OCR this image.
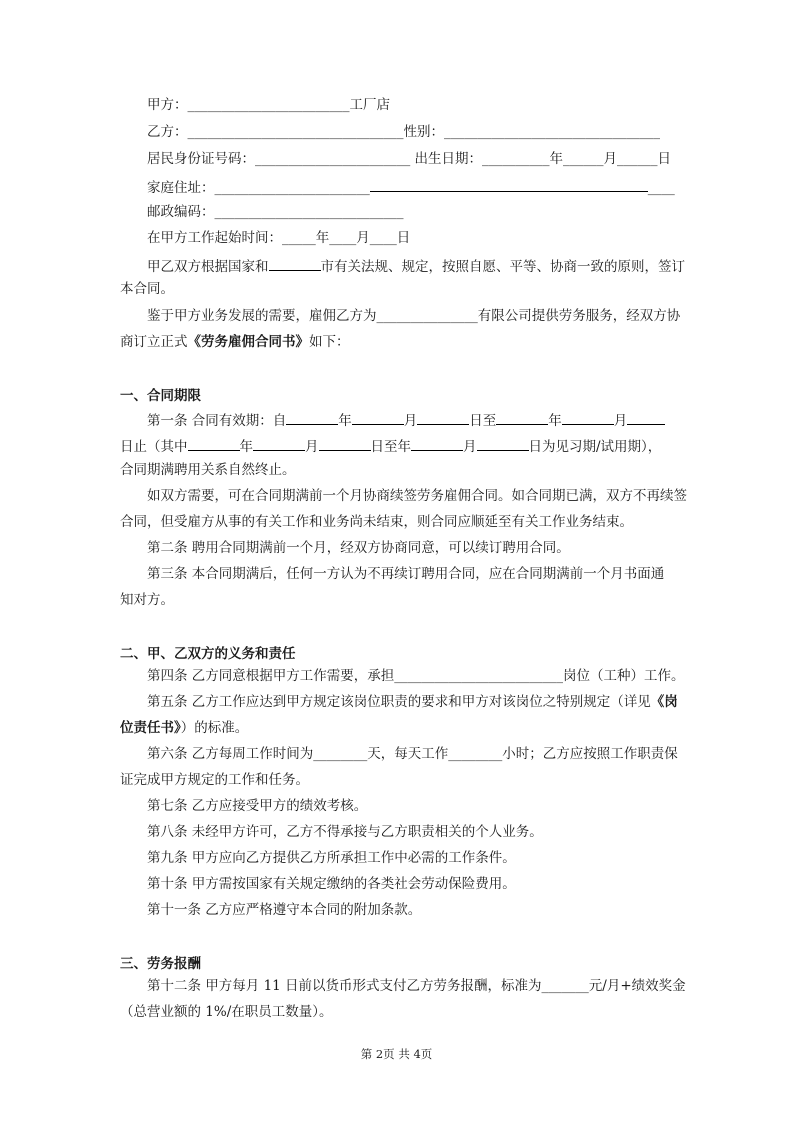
甲方：________________________工厂店
乙方：________________________________性别：________________________________
居民身份证号码：_______________________ 出生日期：__________年______月______日
家庭住址：_______________________	____
邮政编码：____________________________
在甲方工作起始时间：_____年____月____日
甲乙双方根据国家和	市有关法规、规定，按照自愿、平等、协商一致的原则，签订
本合同。
鉴于甲方业务发展的需要，雇佣乙方为_______________有限公司提供劳务服务，经双方协
商订立正式《劳务雇佣合同书》如下：
一、合同期限
第一条 合同有效期：自	年	月	日至	年	月
日止（其中	年	月	日至年	月	日为见习期/试用期），
合同期满聘用关系自然终止。
如双方需要，可在合同期满前一个月协商续签劳务雇佣合同。如合同期已满，双方不再续签
合同，但受雇方从事的有关工作和业务尚未结束，则合同应顺延至有关工作业务结束。
第二条 聘用合同期满前一个月，经双方协商同意，可以续订聘用合同。
第三条 本合同期满后，任何一方认为不再续订聘用合同，应在合同期满前一个月书面通
知对方。
二、甲、乙双方的义务和责任
第四条 乙方同意根据甲方工作需要，承担_________________________岗位（工种）工作。
第五条 乙方工作应达到甲方规定该岗位职责的要求和甲方对该岗位之特别规定（详见《岗
位责任书》）的标准。
第六条 乙方每周工作时间为________天，每天工作________小时；乙方应按照工作职责保
证完成甲方规定的工作和任务。
第七条 乙方应接受甲方的绩效考核。
第八条 未经甲方许可，乙方不得承接与乙方职责相关的个人业务。
第九条 甲方应向乙方提供乙方所承担工作中必需的工作条件。
第十条 甲方需按国家有关规定缴纳的各类社会劳动保险费用。
第十一条 乙方应严格遵守本合同的附加条款。
三、劳务报酬
第十二条 甲方每月 11 日前以货币形式支付乙方劳务报酬，标准为_______元/月+绩效奖金
（总营业额的 1%/在职员工数量）。
第 2页 共 4页
